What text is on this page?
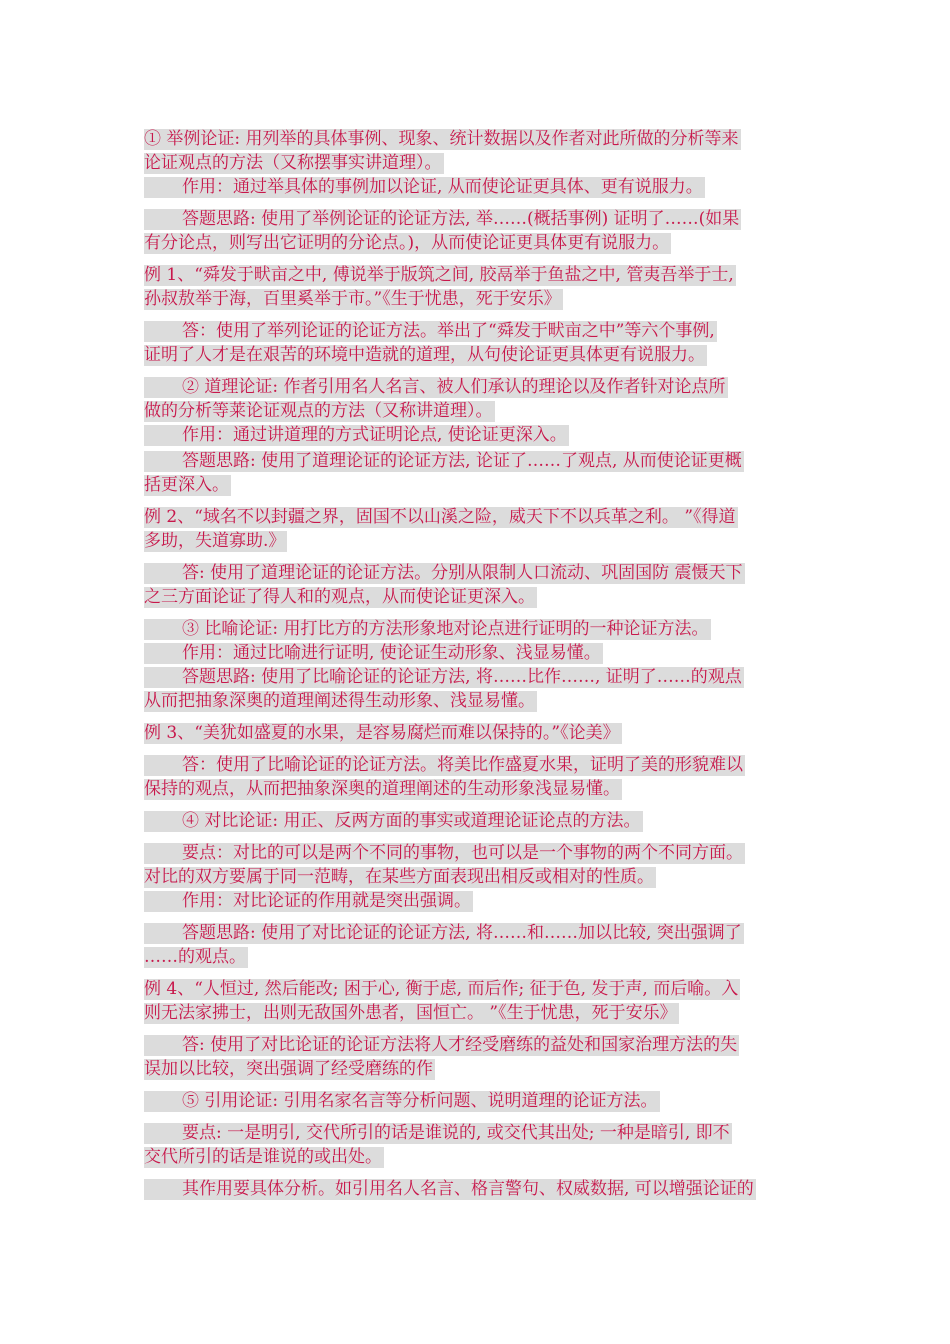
① 举例论证: 用列举的具体事例、现象、统计数据以及作者对此所做的分析等来
论证观点的方法（又称摆事实讲道理）。
作用：通过举具体的事例加以论证, 从而使论证更具体、更有说服力。
答题思路: 使用了举例论证的论证方法, 举……(概括事例) 证明了……(如果
有分论点，则写出它证明的分论点。)，从而使论证更具体更有说服力。
例 1、“舜发于畎亩之中, 傅说举于版筑之间, 胶鬲举于鱼盐之中, 管夷吾举于士,
孙叔敖举于海，百里奚举于市。”《生于忧患，死于安乐》
答：使用了举列论证的论证方法。举出了“舜发于畎亩之中”等六个事例,
证明了人才是在艰苦的环境中造就的道理，从句使论证更具体更有说服力。
② 道理论证: 作者引用名人名言、被人们承认的理论以及作者针对论点所
做的分析等莱论证观点的方法（又称讲道理）。
作用：通过讲道理的方式证明论点, 使论证更深入。
答题思路: 使用了道理论证的论证方法, 论证了……了观点, 从而使论证更概
括更深入。
例 2、“域名不以封疆之界，固国不以山溪之险，威天下不以兵革之利。 ”《得道
多助，失道寡助.》
答: 使用了道理论证的论证方法。分别从限制人口流动、巩固国防 震慑天下
之三方面论证了得人和的观点，从而使论证更深入。
③ 比喻论证: 用打比方的方法形象地对论点进行证明的一种论证方法。
作用：通过比喻进行证明, 使论证生动形象、浅显易懂。
答题思路: 使用了比喻论证的论证方法, 将……比作……, 证明了……的观点
从而把抽象深奥的道理阐述得生动形象、浅显易懂。
例 3、“美犹如盛夏的水果，是容易腐烂而难以保持的。”《论美》
答：使用了比喻论证的论证方法。将美比作盛夏水果，证明了美的形貌难以
保持的观点，从而把抽象深奥的道理阐述的生动形象浅显易懂。
④ 对比论证: 用正、反两方面的事实或道理论证论点的方法。
要点：对比的可以是两个不同的事物，也可以是一个事物的两个不同方面。
对比的双方要属于同一范畴，在某些方面表现出相反或相对的性质。
作用：对比论证的作用就是突出强调。
答题思路: 使用了对比论证的论证方法, 将……和……加以比较, 突出强调了
……的观点。
例 4、“人恒过, 然后能改; 困于心, 衡于虑, 而后作; 征于色, 发于声, 而后喻。入
则无法家拂士，出则无敌国外患者，国恒亡。 ”《生于忧患，死于安乐》
答: 使用了对比论证的论证方法将人才经受磨练的益处和国家治理方法的失
误加以比较，突出强调了经受磨练的作
⑤ 引用论证: 引用名家名言等分析问题、说明道理的论证方法。
要点: 一是明引, 交代所引的话是谁说的, 或交代其出处; 一种是暗引, 即不
交代所引的话是谁说的或出处。
其作用要具体分析。如引用名人名言、格言警句、权威数据, 可以增强论证的
